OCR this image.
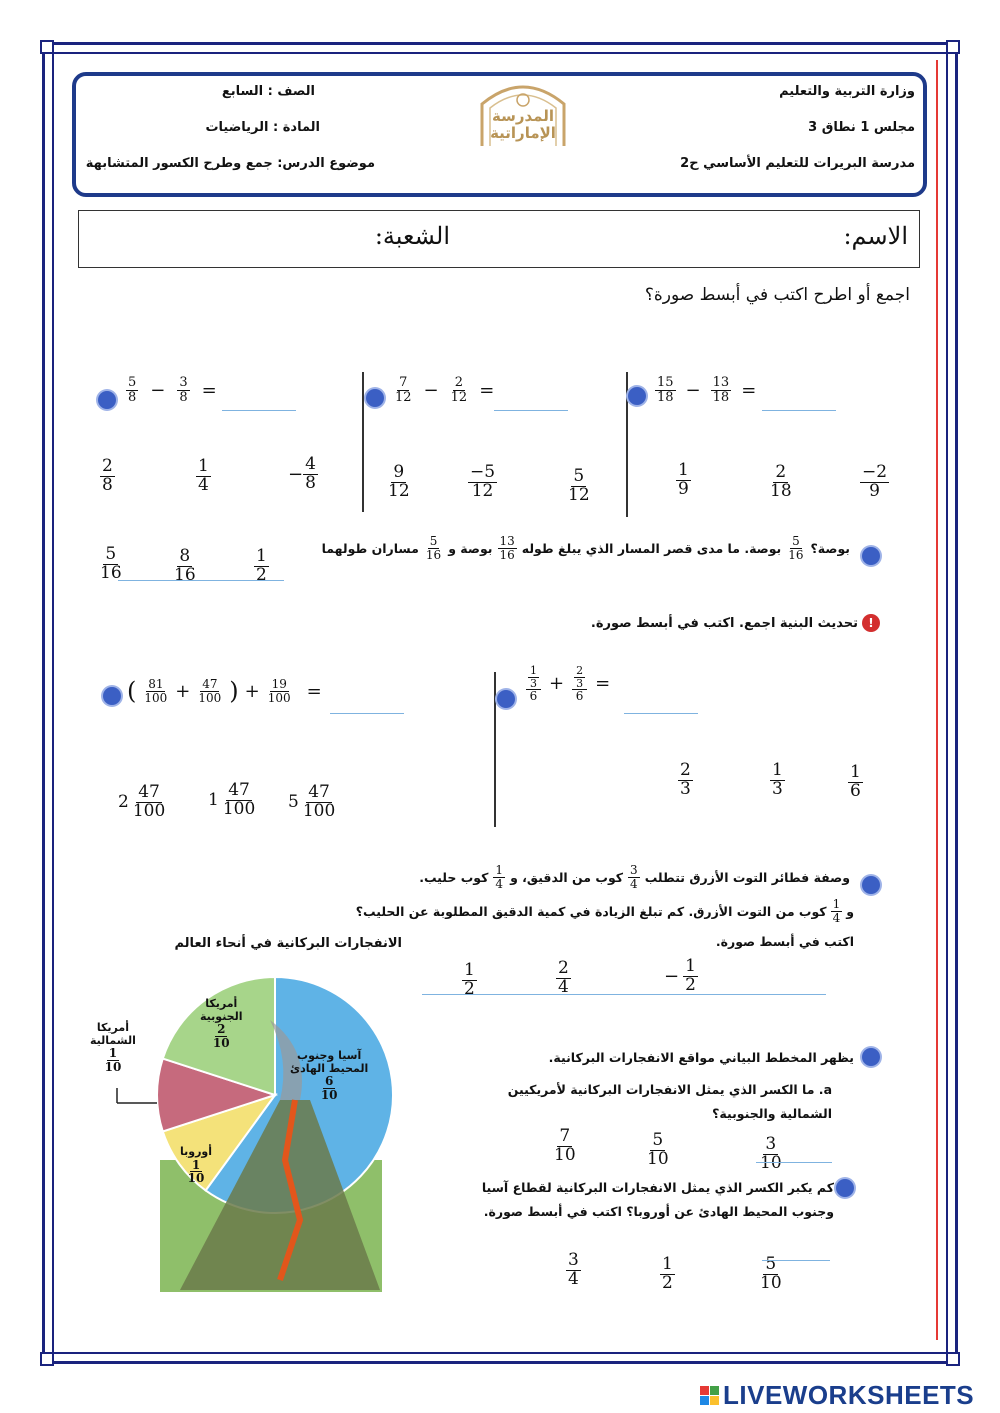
وزارة التربية والتعليم
مجلس 1 نطاق 3
مدرسة البريرات للتعليم الأساسي ح2
الصف : السابع
المادة : الرياضيات
موضوع الدرس: جمع وطرح الكسور المتشابهة
المدرسة
الإماراتية
الاسم:
الشعبة:
اجمع أو اطرح اكتب في أبسط صورة؟
$\frac{5}{8} - \frac{3}{8}$ =
$\frac{2}{8}$	$\frac{1}{4}$	− $\frac{4}{8}$
$\frac{7}{12} - \frac{2}{12}$ =
$\frac{9}{12}$	$\frac{-5}{12}$	$\frac{5}{12}$
$\frac{15}{18} - \frac{13}{18}$ =
$\frac{1}{9}$	$\frac{2}{18}$	$\frac{-2}{9}$
مساران طولهما $\frac{5}{16}$ بوصة و $\frac{13}{16}$ بوصة. ما مدى قصر المسار الذي يبلغ طوله $\frac{5}{16}$ بوصة؟
$\frac{5}{16}$	$\frac{8}{16}$	$\frac{1}{2}$
!
تحديث البنية اجمع. اكتب في أبسط صورة.
( $\frac{81}{100} + \frac{47}{100}$ ) + $\frac{19}{100}$ =
$2 \frac{47}{100} 1 \frac{47}{100} 5 \frac{47}{100}$
$\frac{\frac{1}{3}}{6} + \frac{\frac{2}{3}}{6}$ =
$\frac{2}{3}$	$\frac{1}{3}$	$\frac{1}{6}$
وصفة فطائر التوت الأزرق تتطلب
$\frac{3}{4}$
كوب من الدقيق، و
$\frac{1}{4}$
كوب حليب.
و
$\frac{1}{4}$
كوب من التوت الأزرق. كم تبلغ الزيادة في كمية الدقيق المطلوبة عن الحليب؟
اكتب في أبسط صورة.
$\frac{1}{2}$	$\frac{2}{4}$	− $\frac{1}{2}$
الانفجارات البركانية في أنحاء العالم
أمريكا
الشمالية
$\frac{1}{10}$
أمريكا
الجنوبية
$\frac{2}{10}$
أوروبا
$\frac{1}{10}$
آسيا وجنوب
المحيط الهادئ
$\frac{6}{10}$
يظهر المخطط البياني مواقع الانفجارات البركانية.
a. ما الكسر الذي يمثل الانفجارات البركانية لأمريكيين
الشمالية والجنوبية؟
$\frac{7}{10}$	$\frac{5}{10}$	$\frac{3}{10}$
كم يكبر الكسر الذي يمثل الانفجارات البركانية لقطاع آسيا
وجنوب المحيط الهادئ عن أوروبا؟ اكتب في أبسط صورة.
$\frac{3}{4}$	$\frac{1}{2}$	$\frac{5}{10}$
LIVEWORKSHEETS
